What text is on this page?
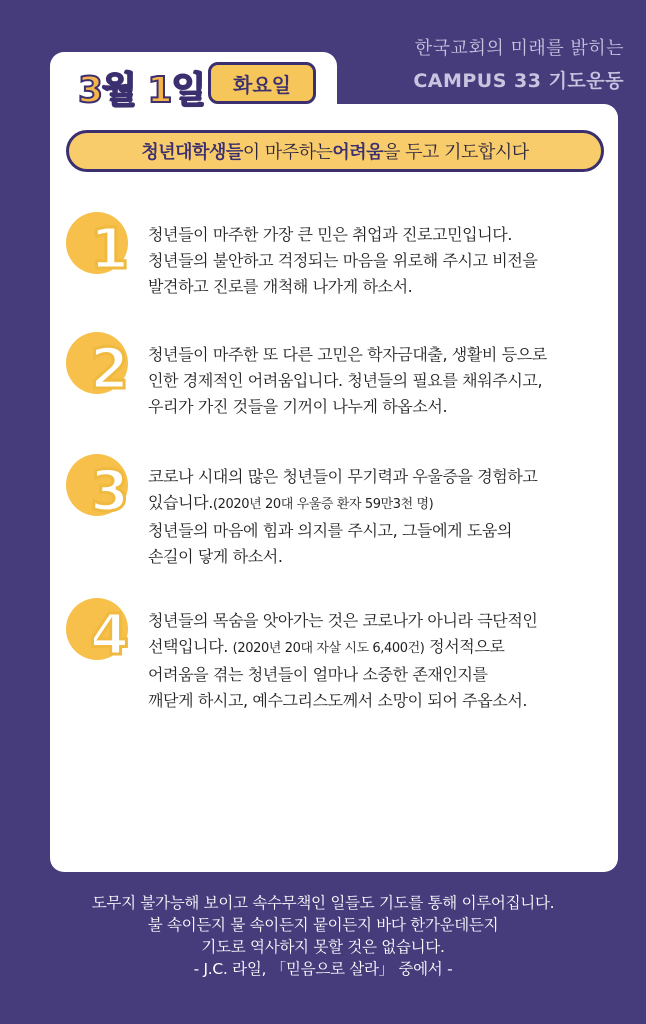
한국교회의 미래를 밝히는
CAMPUS 33 기도운동
3월 1일	화요일
청년대학생들 이 마주하는 어려움 을 두고 기도합시다
1 청년들이 마주한 가장 큰 민은 취업과 진로고민입니다.
청년들의 불안하고 걱정되는 마음을 위로해 주시고 비전을
발견하고 진로를 개척해 나가게 하소서.
2 청년들이 마주한 또 다른 고민은 학자금대출, 생활비 등으로
인한 경제적인 어려움입니다. 청년들의 필요를 채워주시고,
우리가 가진 것들을 기꺼이 나누게 하옵소서.
3 코로나 시대의 많은 청년들이 무기력과 우울증을 경험하고
있습니다.(2020년 20대 우울증 환자 59만3천 명)
청년들의 마음에 힘과 의지를 주시고, 그들에게 도움의
손길이 닿게 하소서.
4 청년들의 목숨을 앗아가는 것은 코로나가 아니라 극단적인
선택입니다. (2020년 20대 자살 시도 6,400건) 정서적으로
어려움을 겪는 청년들이 얼마나 소중한 존재인지를
깨닫게 하시고, 예수그리스도께서 소망이 되어 주옵소서.
도무지 불가능해 보이고 속수무책인 일들도 기도를 통해 이루어집니다.
불 속이든지 물 속이든지 뭍이든지 바다 한가운데든지
기도로 역사하지 못할 것은 없습니다.
- J.C. 라일, 「믿음으로 살라」 중에서 -
